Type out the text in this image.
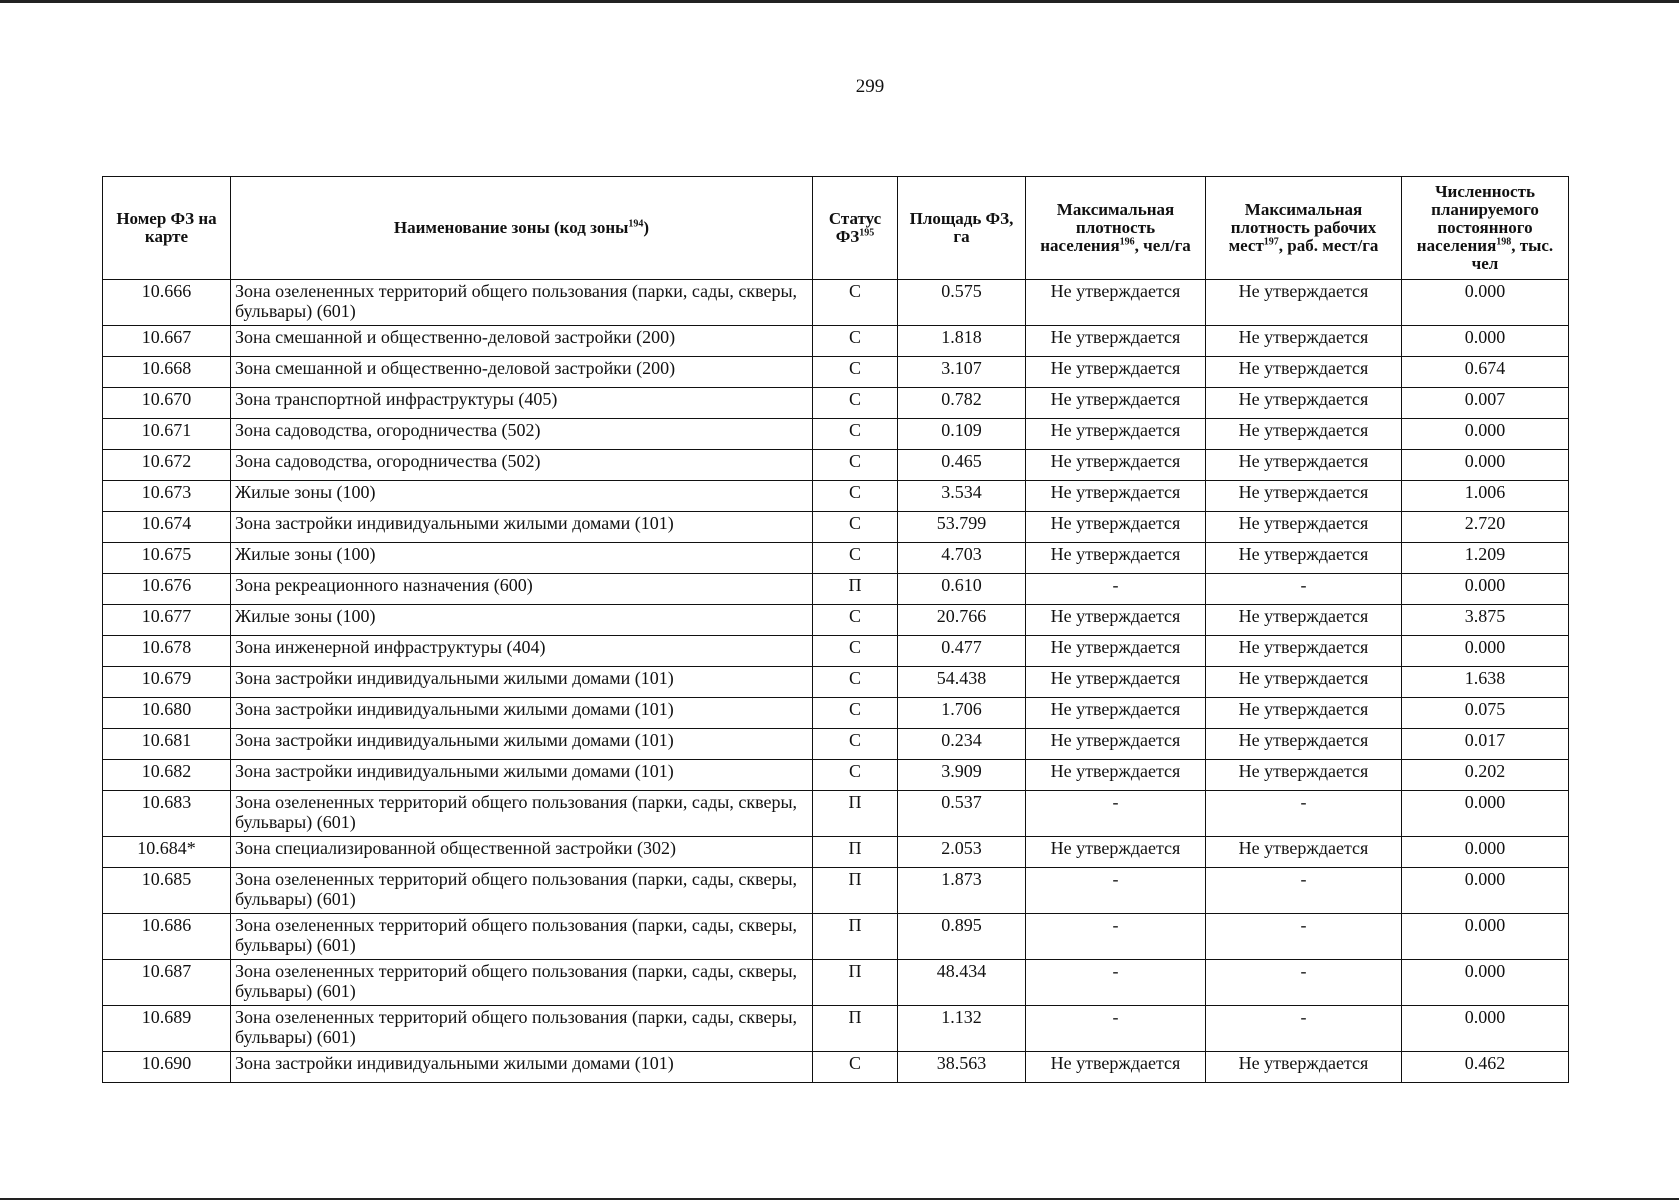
299
Номер ФЗ на карте	Наименование зоны (код зоны$^{194}$)	Статус ФЗ$^{195}$	Площадь ФЗ, га	Максимальная плотность населения$^{196}$, чел/га	Максимальная плотность рабочих мест$^{197}$, раб. мест/га	Численность планируемого постоянного населения$^{198}$, тыс. чел
10.666	Зона озелененных территорий общего пользования (парки, сады, скверы, бульвары) (601)	С	0.575	Не утверждается	Не утверждается	0.000
10.667	Зона смешанной и общественно-деловой застройки (200)	С	1.818	Не утверждается	Не утверждается	0.000
10.668	Зона смешанной и общественно-деловой застройки (200)	С	3.107	Не утверждается	Не утверждается	0.674
10.670	Зона транспортной инфраструктуры (405)	С	0.782	Не утверждается	Не утверждается	0.007
10.671	Зона садоводства, огородничества (502)	С	0.109	Не утверждается	Не утверждается	0.000
10.672	Зона садоводства, огородничества (502)	С	0.465	Не утверждается	Не утверждается	0.000
10.673	Жилые зоны (100)	С	3.534	Не утверждается	Не утверждается	1.006
10.674	Зона застройки индивидуальными жилыми домами (101)	С	53.799	Не утверждается	Не утверждается	2.720
10.675	Жилые зоны (100)	С	4.703	Не утверждается	Не утверждается	1.209
10.676	Зона рекреационного назначения (600)	П	0.610	-	-	0.000
10.677	Жилые зоны (100)	С	20.766	Не утверждается	Не утверждается	3.875
10.678	Зона инженерной инфраструктуры (404)	С	0.477	Не утверждается	Не утверждается	0.000
10.679	Зона застройки индивидуальными жилыми домами (101)	С	54.438	Не утверждается	Не утверждается	1.638
10.680	Зона застройки индивидуальными жилыми домами (101)	С	1.706	Не утверждается	Не утверждается	0.075
10.681	Зона застройки индивидуальными жилыми домами (101)	С	0.234	Не утверждается	Не утверждается	0.017
10.682	Зона застройки индивидуальными жилыми домами (101)	С	3.909	Не утверждается	Не утверждается	0.202
10.683	Зона озелененных территорий общего пользования (парки, сады, скверы, бульвары) (601)	П	0.537	-	-	0.000
10.684*	Зона специализированной общественной застройки (302)	П	2.053	Не утверждается	Не утверждается	0.000
10.685	Зона озелененных территорий общего пользования (парки, сады, скверы, бульвары) (601)	П	1.873	-	-	0.000
10.686	Зона озелененных территорий общего пользования (парки, сады, скверы, бульвары) (601)	П	0.895	-	-	0.000
10.687	Зона озелененных территорий общего пользования (парки, сады, скверы, бульвары) (601)	П	48.434	-	-	0.000
10.689	Зона озелененных территорий общего пользования (парки, сады, скверы, бульвары) (601)	П	1.132	-	-	0.000
10.690	Зона застройки индивидуальными жилыми домами (101)	С	38.563	Не утверждается	Не утверждается	0.462
